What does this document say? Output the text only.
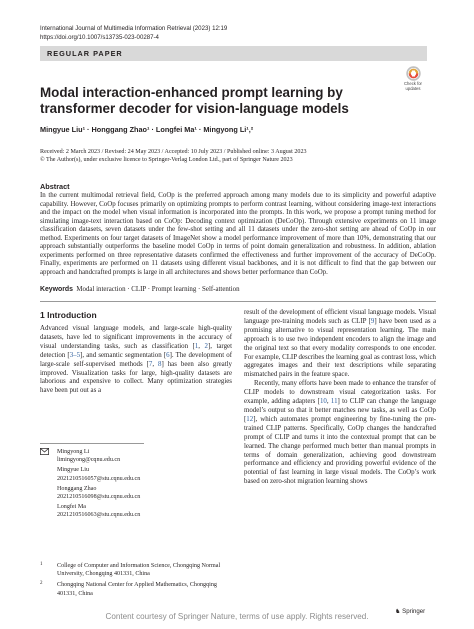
International Journal of Multimedia Information Retrieval (2023) 12:19
https://doi.org/10.1007/s13735-023-00287-4
REGULAR PAPER
Check for
updates
Modal interaction-enhanced prompt learning by transformer decoder for vision-language models
Mingyue Liu¹ · Honggang Zhao¹ · Longfei Ma¹ · Mingyong Li¹,²
Received: 2 March 2023 / Revised: 24 May 2023 / Accepted: 10 July 2023 / Published online: 3 August 2023
© The Author(s), under exclusive licence to Springer-Verlag London Ltd., part of Springer Nature 2023
Abstract
In the current multimodal retrieval field, CoOp is the preferred approach among many models due to its simplicity and powerful adaptive capability. However, CoOp focuses primarily on optimizing prompts to perform contrast learning, without considering image-text interactions and the impact on the model when visual information is incorporated into the prompts. In this work, we propose a prompt tuning method for simulating image-text interaction based on CoOp: Decoding context optimization (DeCoOp). Through extensive experiments on 11 image classification datasets, seven datasets under the few-shot setting and all 11 datasets under the zero-shot setting are ahead of CoOp in our method. Experiments on four target datasets of ImageNet show a model performance improvement of more than 10%, demonstrating that our approach substantially outperforms the baseline model CoOp in terms of point domain generalization and robustness. In addition, ablation experiments performed on three representative datasets confirmed the effectiveness and further improvement of the accuracy of DeCoOp. Finally, experiments are performed on 11 datasets using different visual backbones, and it is not difficult to find that the gap between our approach and handcrafted prompts is large in all architectures and shows better performance than CoOp.
Keywords Modal interaction · CLIP · Prompt learning · Self-attention
1 Introduction

Advanced visual language models, and large-scale high-quality datasets, have led to significant improvements in the accuracy of visual understanding tasks, such as classification [1, 2], target detection [3–5], and semantic segmentation [6]. The development of large-scale self-supervised methods [7, 8] has been also greatly improved. Visualization tasks for large, high-quality datasets are laborious and expensive to collect. Many optimization strategies have been put out as a

Mingyong Li
limingyong@cqnu.edu.cn
Mingyue Liu
2021210516057@stu.cqnu.edu.cn
Honggang Zhao
2021210516098@stu.cqnu.edu.cn
Longfei Ma
2021210516063@stu.cqnu.edu.cn
1 College of Computer and Information Science, Chongqing Normal University, Chongqing 401331, China
2 Chongqing National Center for Applied Mathematics, Chongqing 401331, China

result of the development of efficient visual language models. Visual language pre-training models such as CLIP [9] have been used as a promising alternative to visual representation learning. The main approach is to use two independent encoders to align the image and the original text so that every modality corresponds to one encoder. For example, CLIP describes the learning goal as contrast loss, which aggregates images and their text descriptions while separating mismatched pairs in the feature space.

Recently, many efforts have been made to enhance the transfer of CLIP models to downstream visual categorization tasks. For example, adding adapters [10, 11] to CLIP can change the language model’s output so that it better matches new tasks, as well as CoOp [12], which automates prompt engineering by fine-tuning the pre-trained CLIP patterns. Specifically, CoOp changes the handcrafted prompt of CLIP and turns it into the contextual prompt that can be learned. The change performed much better than manual prompts in terms of domain generalization, achieving good downstream performance and efficiency and providing powerful evidence of the potential of fast learning in large visual models. The CoOp’s work based on zero-shot migration learning shows

♞ Springer
Content courtesy of Springer Nature, terms of use apply. Rights reserved.
